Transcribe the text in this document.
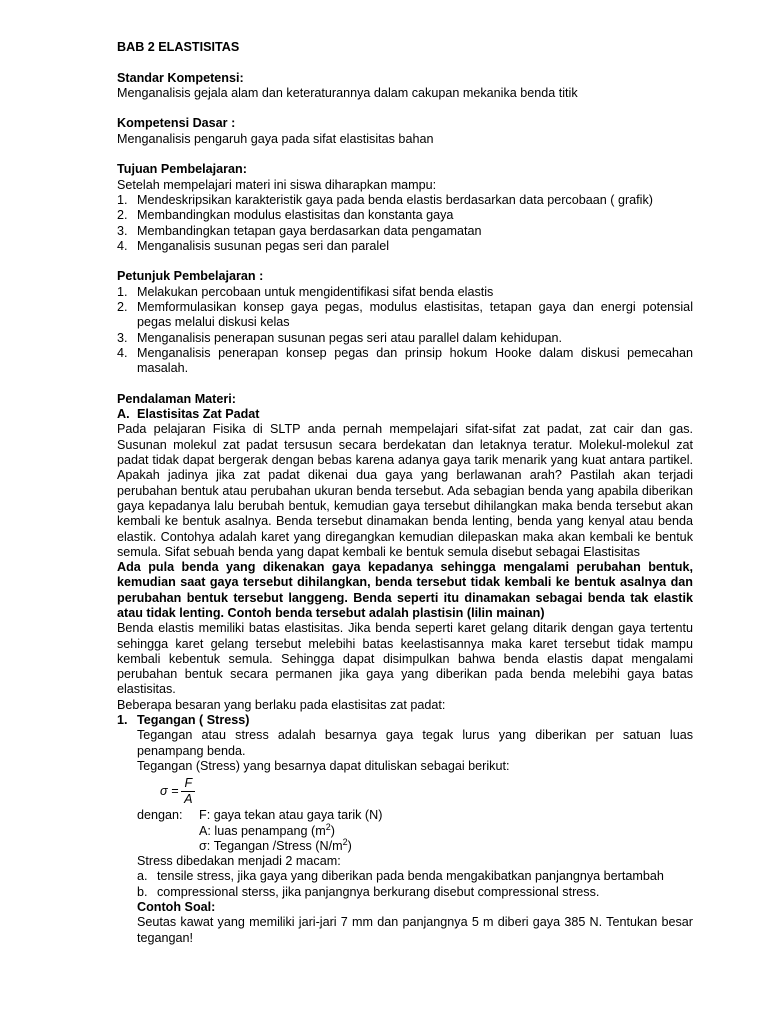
BAB 2 ELASTISITAS

Standar Kompetensi:

Menganalisis gejala alam dan keteraturannya dalam cakupan mekanika benda titik

Kompetensi Dasar :

Menganalisis pengaruh gaya pada sifat elastisitas bahan

Tujuan Pembelajaran:

Setelah mempelajari materi ini siswa diharapkan mampu:

1. Mendeskripsikan karakteristik gaya pada benda elastis berdasarkan data percobaan ( grafik)
2. Membandingkan modulus elastisitas dan konstanta gaya
3. Membandingkan tetapan gaya berdasarkan data pengamatan
4. Menganalisis susunan pegas seri dan paralel

Petunjuk Pembelajaran :

1. Melakukan percobaan untuk mengidentifikasi sifat benda elastis
2. Memformulasikan konsep gaya pegas, modulus elastisitas, tetapan gaya dan energi potensial pegas melalui diskusi kelas
3. Menganalisis penerapan susunan pegas seri atau parallel dalam kehidupan.
4. Menganalisis penerapan konsep pegas dan prinsip hokum Hooke dalam diskusi pemecahan masalah.

Pendalaman Materi:

A. Elastisitas Zat Padat

Pada pelajaran Fisika di SLTP anda pernah mempelajari sifat-sifat zat padat, zat cair dan gas. Susunan molekul zat padat tersusun secara berdekatan dan letaknya teratur. Molekul-molekul zat padat tidak dapat bergerak dengan bebas karena adanya gaya tarik menarik yang kuat antara partikel. Apakah jadinya jika zat padat dikenai dua gaya yang berlawanan arah? Pastilah akan terjadi perubahan bentuk atau perubahan ukuran benda tersebut. Ada sebagian benda yang apabila diberikan gaya kepadanya lalu berubah bentuk, kemudian gaya tersebut dihilangkan maka benda tersebut akan kembali ke bentuk asalnya. Benda tersebut dinamakan benda lenting, benda yang kenyal atau benda elastik. Contohya adalah karet yang diregangkan kemudian dilepaskan maka akan kembali ke bentuk semula. Sifat sebuah benda yang dapat kembali ke bentuk semula disebut sebagai Elastisitas

Ada pula benda yang dikenakan gaya kepadanya sehingga mengalami perubahan bentuk, kemudian saat gaya tersebut dihilangkan, benda tersebut tidak kembali ke bentuk asalnya dan perubahan bentuk tersebut langgeng. Benda seperti itu dinamakan sebagai benda tak elastik atau tidak lenting. Contoh benda tersebut adalah plastisin (lilin mainan)

Benda elastis memiliki batas elastisitas. Jika benda seperti karet gelang ditarik dengan gaya tertentu sehingga karet gelang tersebut melebihi batas keelastisannya maka karet tersebut tidak mampu kembali kebentuk semula. Sehingga dapat disimpulkan bahwa benda elastis dapat mengalami perubahan bentuk secara permanen jika gaya yang diberikan pada benda melebihi gaya batas elastisitas.

Beberapa besaran yang berlaku pada elastisitas zat padat:

1. Tegangan ( Stress)

Tegangan atau stress adalah besarnya gaya tegak lurus yang diberikan per satuan luas penampang benda.

Tegangan (Stress) yang besarnya dapat dituliskan sebagai berikut:

$\sigma = \frac{F}{A}$
dengan:	F: gaya tekan atau gaya tarik (N)

A: luas penampang $(m^2)$

σ: Tegangan /Stress $(N/m^2)$

Stress dibedakan menjadi 2 macam:

a. tensile stress, jika gaya yang diberikan pada benda mengakibatkan panjangnya bertambah
b. compressional sterss, jika panjangnya berkurang disebut compressional stress.

Contoh Soal:

Seutas kawat yang memiliki jari-jari 7 mm dan panjangnya 5 m diberi gaya 385 N. Tentukan besar tegangan!
